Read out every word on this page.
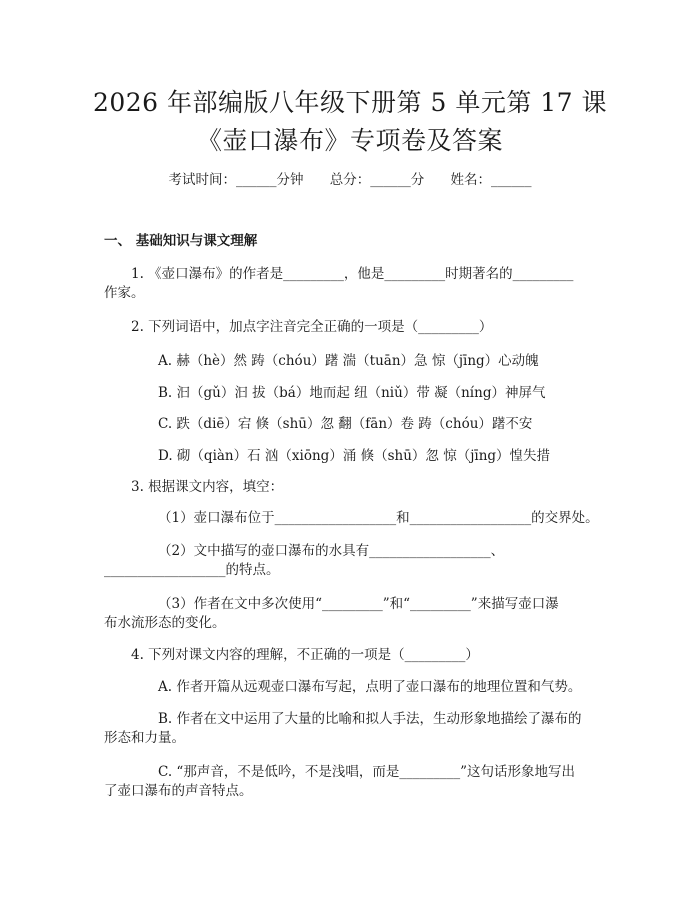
2026 年部编版八年级下册第 5 单元第 17 课
《壶口瀑布》专项卷及答案
考试时间：______分钟 总分：______分 姓名：______
一、 基础知识与课文理解
1. 《壶口瀑布》的作者是_________，他是_________时期著名的_________
作家。
2. 下列词语中，加点字注音完全正确的一项是（_________）
A. 赫（hè）然 踌（chóu）躇 湍（tuān）急 惊（jīng）心动魄
B. 汩（gǔ）汩 拔（bá）地而起 纽（niǔ）带 凝（níng）神屏气
C. 跌（diē）宕 倏（shū）忽 翻（fān）卷 踌（chóu）躇不安
D. 砌（qiàn）石 汹（xiōng）涌 倏（shū）忽 惊（jīng）惶失措
3. 根据课文内容，填空：
（1）壶口瀑布位于__________________和__________________的交界处。
（2）文中描写的壶口瀑布的水具有__________________、
__________________的特点。
（3）作者在文中多次使用“_________”和“_________”来描写壶口瀑
布水流形态的变化。
4. 下列对课文内容的理解，不正确的一项是（_________）
A. 作者开篇从远观壶口瀑布写起，点明了壶口瀑布的地理位置和气势。
B. 作者在文中运用了大量的比喻和拟人手法，生动形象地描绘了瀑布的
形态和力量。
C. “那声音，不是低吟，不是浅唱，而是_________”这句话形象地写出
了壶口瀑布的声音特点。
